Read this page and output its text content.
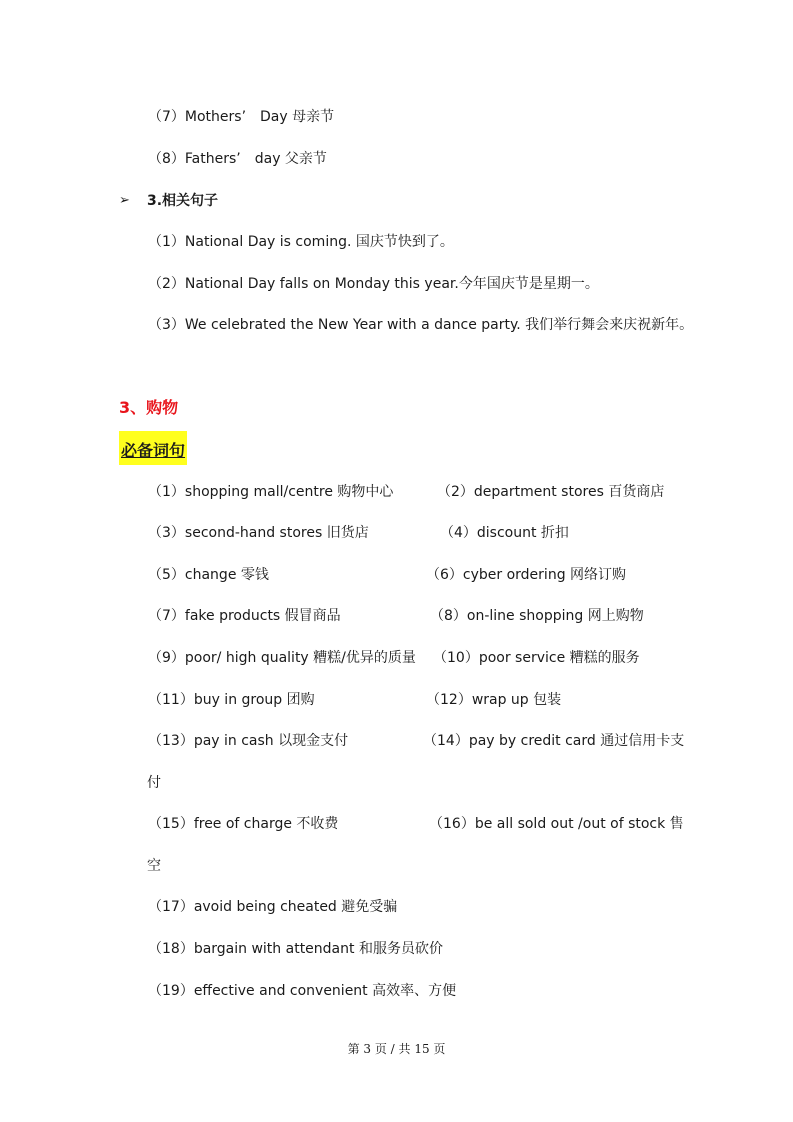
（7）Mothers’　Day 母亲节
（8）Fathers’　day 父亲节
➢ 3.相关句子
（1）National Day is coming. 国庆节快到了。
（2）National Day falls on Monday this year.今年国庆节是星期一。
（3）We celebrated the New Year with a dance party. 我们举行舞会来庆祝新年。
3、购物
必备词句
（1）shopping mall/centre 购物中心	（2）department stores 百货商店
（3）second-hand stores 旧货店	（4）discount 折扣
（5）change 零钱	（6）cyber ordering 网络订购
（7）fake products 假冒商品	（8）on-line shopping 网上购物
（9）poor/ high quality 糟糕/优异的质量 （10）poor service 糟糕的服务
（11）buy in group 团购	（12）wrap up 包装
（13）pay in cash 以现金支付	（14）pay by credit card 通过信用卡支
付
（15）free of charge 不收费	（16）be all sold out /out of stock 售
空
（17）avoid being cheated 避免受骗
（18）bargain with attendant 和服务员砍价
（19）effective and convenient 高效率、方便
第 3 页 / 共 15 页
